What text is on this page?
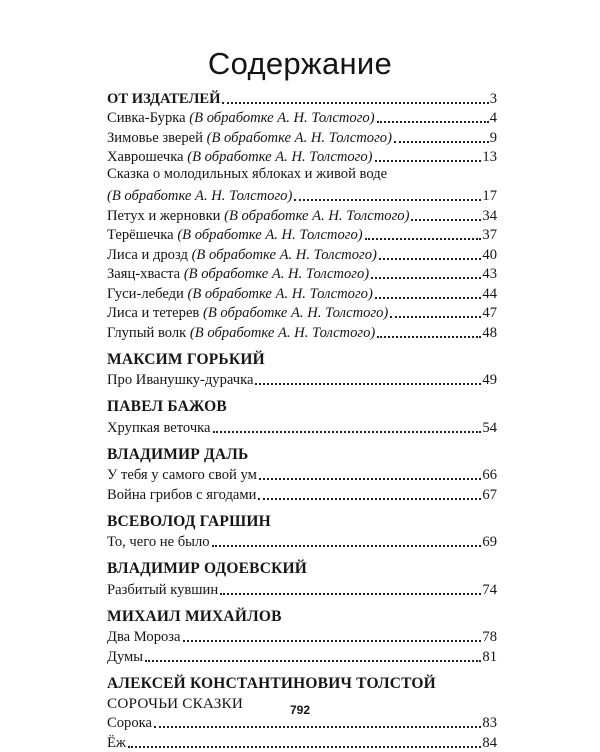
Содержание
ОТ ИЗДАТЕЛЕЙ	3
Сивка-Бурка (В обработке А. Н. Толстого)	4
Зимовье зверей (В обработке А. Н. Толстого)	9
Хаврошечка (В обработке А. Н. Толстого)	13
Сказка о молодильных яблоках и живой воде
(В обработке А. Н. Толстого)	17
Петух и жерновки (В обработке А. Н. Толстого)	34
Терёшечка (В обработке А. Н. Толстого)	37
Лиса и дрозд (В обработке А. Н. Толстого)	40
Заяц-хваста (В обработке А. Н. Толстого)	43
Гуси-лебеди (В обработке А. Н. Толстого)	44
Лиса и тетерев (В обработке А. Н. Толстого)	47
Глупый волк (В обработке А. Н. Толстого)	48
МАКСИМ ГОРЬКИЙ
Про Иванушку-дурачка	49
ПАВЕЛ БАЖОВ
Хрупкая веточка	54
ВЛАДИМИР ДАЛЬ
У тебя у самого свой ум	66
Война грибов с ягодами	67
ВСЕВОЛОД ГАРШИН
То, чего не было	69
ВЛАДИМИР ОДОЕВСКИЙ
Разбитый кувшин	74
МИХАИЛ МИХАЙЛОВ
Два Мороза	78
Думы	81
АЛЕКСЕЙ КОНСТАНТИНОВИЧ ТОЛСТОЙ
СОРОЧЬИ СКАЗКИ
Сорока	83
Ёж	84
792
